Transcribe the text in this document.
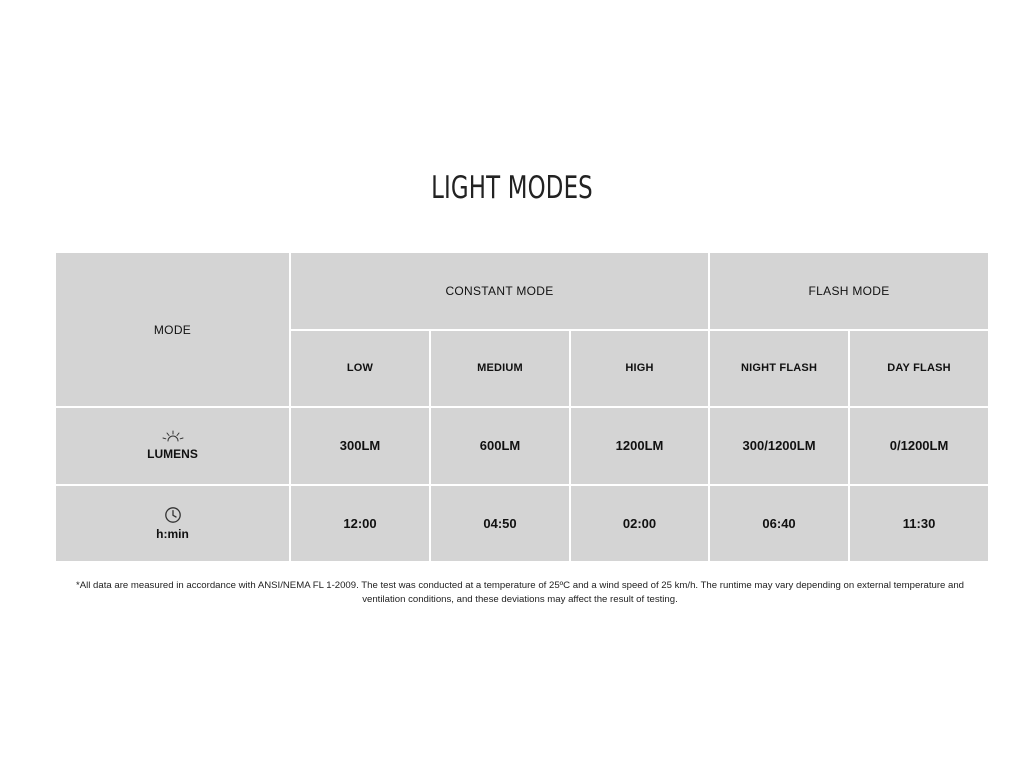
LIGHT MODES
MODE	CONSTANT MODE			FLASH MODE	
	LOW	MEDIUM	HIGH	NIGHT FLASH	DAY FLASH

LUMENS	300LM	600LM	1200LM	300/1200LM	0/1200LM

h:min	12:00	04:50	02:00	06:40	11:30
*All data are measured in accordance with ANSI/NEMA FL 1-2009. The test was conducted at a temperature of 25ºC and a wind speed of 25 km/h. The runtime may vary depending on external temperature and ventilation conditions, and these deviations may affect the result of testing.
